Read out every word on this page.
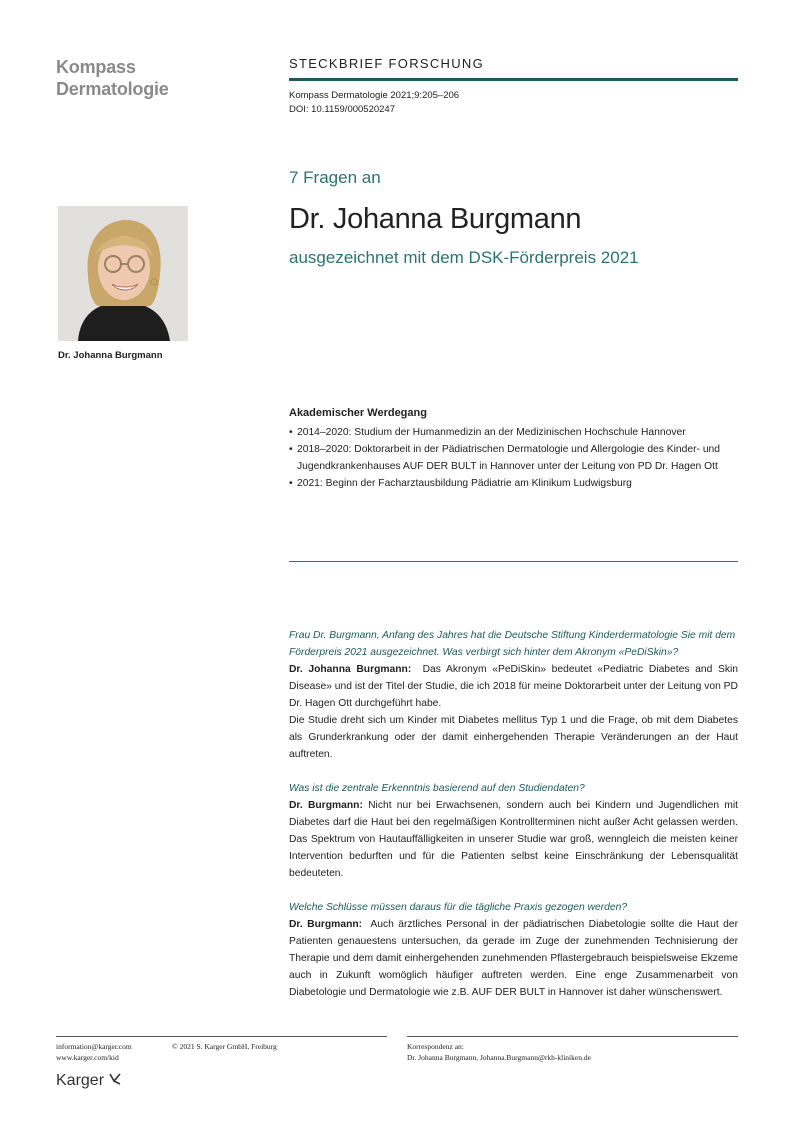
Kompass
Dermatologie
STECKBRIEF FORSCHUNG
Kompass Dermatologie 2021;9:205–206
DOI: 10.1159/000520247
7 Fragen an
Dr. Johanna Burgmann
ausgezeichnet mit dem DSK-Förderpreis 2021
Dr. Johanna Burgmann
Akademischer Werdegang
• 2014–2020: Studium der Humanmedizin an der Medizinischen Hochschule Hannover
• 2018–2020: Doktorarbeit in der Pädiatrischen Dermatologie und Allergologie des Kinder- und Jugendkrankenhauses AUF DER BULT in Hannover unter der Leitung von PD Dr. Hagen Ott
• 2021: Beginn der Facharztausbildung Pädiatrie am Klinikum Ludwigsburg
Frau Dr. Burgmann, Anfang des Jahres hat die Deutsche Stiftung Kinderdermatologie Sie mit dem Förderpreis 2021 ausgezeichnet. Was verbirgt sich hinter dem Akronym «PeDiSkin»?
Dr. Johanna Burgmann: Das Akronym «PeDiSkin» bedeutet «Pediatric Diabetes and Skin Disease» und ist der Titel der Studie, die ich 2018 für meine Doktorarbeit unter der Leitung von PD Dr. Hagen Ott durchgeführt habe.
Die Studie dreht sich um Kinder mit Diabetes mellitus Typ 1 und die Frage, ob mit dem Diabetes als Grunderkrankung oder der damit einhergehenden Therapie Veränderungen an der Haut auftreten.
Was ist die zentrale Erkenntnis basierend auf den Studiendaten?
Dr. Burgmann: Nicht nur bei Erwachsenen, sondern auch bei Kindern und Jugendlichen mit Diabetes darf die Haut bei den regelmäßigen Kontrollterminen nicht außer Acht gelassen werden. Das Spektrum von Hautauffälligkeiten in unserer Studie war groß, wenngleich die meisten keiner Intervention bedurften und für die Patienten selbst keine Einschränkung der Lebensqualität bedeuteten.
Welche Schlüsse müssen daraus für die tägliche Praxis gezogen werden?
Dr. Burgmann: Auch ärztliches Personal in der pädiatrischen Diabetologie sollte die Haut der Patienten genauestens untersuchen, da gerade im Zuge der zunehmenden Technisierung der Therapie und dem damit einhergehenden zunehmenden Pflastergebrauch beispielsweise Ekzeme auch in Zukunft womöglich häufiger auftreten werden. Eine enge Zusammenarbeit von Diabetologie und Dermatologie wie z.B. AUF DER BULT in Hannover ist daher wünschenswert.
information@karger.com
www.karger.com/kid
© 2021 S. Karger GmbH, Freiburg	Korrespondenz an:
Dr. Johanna Burgmann, Johanna.Burgmann@rkh-kliniken.de
Karger
